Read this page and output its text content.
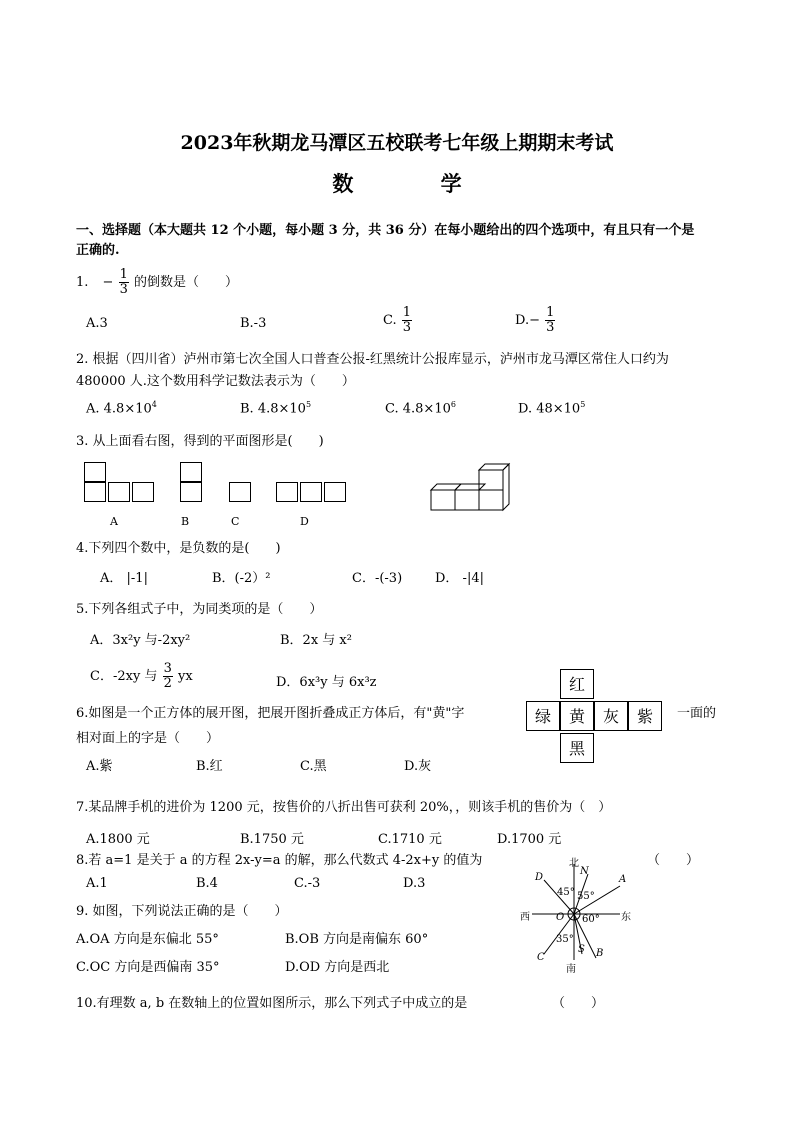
2023年秋期龙马潭区五校联考七年级上期期末考试
数 学
一、选择题（本大题共 12 个小题，每小题 3 分，共 36 分）在每小题给出的四个选项中，有且只有一个是
正确的.
1. − $\frac{1}{3}$ 的倒数是（　　）
A.3	B.-3	C. $\frac{1}{3}$	$D.- \frac{1}{3}$
2. 根据（四川省）泸州市第七次全国人口普查公报-红黑统计公报库显示，泸州市龙马潭区常住人口约为
480000 人.这个数用科学记数法表示为（　　）
A. $4.8\times 10^4$	B. $4.8\times 10^5$	C. $4.8\times 10^6$	D. $48\times 10^5$
3. 从上面看右图，得到的平面图形是(　　)
A	B	C	D
4.下列四个数中，是负数的是(　　)
A． |-1|	B．(-2）²	C．-(-3)	D． -|4|
5.下列各组式子中，为同类项的是（　　）
A．3x²y 与-2xy²	B．2x 与 x²
C．-2xy 与 $\frac{3}{2}$ yx	D．6x³y 与 6x³z	红
绿	黄	灰	紫
黑
6.如图是一个正方体的展开图，把展开图折叠成正方体后，有"黄"字	一面的
相对面上的字是（　　）
A.紫	B.红	C.黑	D.灰
7.某品牌手机的进价为 1200 元，按售价的八折出售可获利 20%，，则该手机的售价为（　）
A.1800 元	B.1750 元	C.1710 元	D.1700 元
8.若 a=1 是关于 a 的方程 2x-y=a 的解，那么代数式 4-2x+y 的值为	（　　）
A.1	B.4	C.-3	D.3
北
南
东
西
N
S
O
A
B
C
D
45° 55°
60°
35°
9. 如图，下列说法正确的是（　　）
A.OA 方向是东偏北 55°	B.OB 方向是南偏东 60°
C.OC 方向是西偏南 35°	D.OD 方向是西北
10.有理数 a, b 在数轴上的位置如图所示，那么下列式子中成立的是	（　　）
